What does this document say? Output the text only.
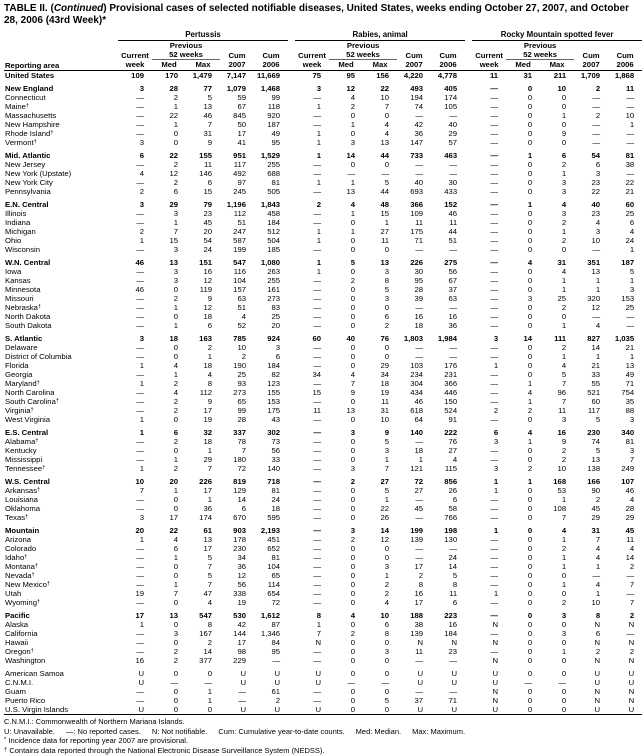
TABLE II. (Continued) Provisional cases of selected notifiable diseases, United States, weeks ending October 27, 2007, and October 28, 2006 (43rd Week)*
Reporting area	Pertussis						Rabies, animal						Rocky Mountain spotted fever				
		Previous						Previous						Previous			
	Current	52 weeks		Cum	Cum		Current	52 weeks		Cum	Cum		Current	52 weeks		Cum	Cum
	week	Med	Max	2007	2006		week	Med	Max	2007	2006		week	Med	Max	2007	2006
United States	109	170	1,479	7,147	11,669		75	95	156	4,220	4,778		11	31	211	1,709	1,868

New England	3	28	77	1,079	1,468		3	12	22	493	405		—	0	10	2	11
Connecticut	—	2	5	59	99		—	4	10	194	174		—	0	0	—	—
Maine†	—	1	13	67	118		1	2	7	74	105		—	0	0	—	—
Massachusetts	—	22	46	845	920		—	0	0	—	—		—	0	1	2	10
New Hampshire	—	1	7	50	187		—	1	4	42	40		—	0	0	—	1
Rhode Island†	—	0	31	17	49		1	0	4	36	29		—	0	9	—	—
Vermont†	3	0	9	41	95		1	3	13	147	57		—	0	0	—	—

Mid. Atlantic	6	22	155	951	1,529		1	14	44	733	463		—	1	6	54	81
New Jersey	—	2	11	117	255		—	0	0	—	—		—	0	2	6	38
New York (Upstate)	4	12	146	492	688		—	—	—	—	—		—	0	1	3	—
New York City	—	2	6	97	81		1	1	5	40	30		—	0	3	23	22
Pennsylvania	2	6	15	245	505		—	13	44	693	433		—	0	3	22	21

E.N. Central	3	29	79	1,196	1,843		2	4	48	366	152		—	1	4	40	60
Illinois	—	3	23	112	458		—	1	15	109	46		—	0	3	23	25
Indiana	—	1	45	51	184		—	0	1	11	11		—	0	2	4	6
Michigan	2	7	20	247	512		1	1	27	175	44		—	0	1	3	4
Ohio	1	15	54	587	504		1	0	11	71	51		—	0	2	10	24
Wisconsin	—	3	24	199	185		—	0	0	—	—		—	0	0	—	1

W.N. Central	46	13	151	547	1,080		1	5	13	226	275		—	4	31	351	187
Iowa	—	3	16	116	263		1	0	3	30	56		—	0	4	13	5
Kansas	—	3	12	104	255		—	2	8	95	67		—	0	1	1	1
Minnesota	46	0	119	157	161		—	0	5	28	37		—	0	1	1	3
Missouri	—	2	9	63	273		—	0	3	39	63		—	3	25	320	153
Nebraska†	—	1	12	51	83		—	0	0	—	—		—	0	2	12	25
North Dakota	—	0	18	4	25		—	0	6	16	16		—	0	0	—	—
South Dakota	—	1	6	52	20		—	0	2	18	36		—	0	1	4	—

S. Atlantic	3	18	163	785	924		60	40	76	1,803	1,984		3	14	111	827	1,035
Delaware	—	0	2	10	3		—	0	0	—	—		—	0	2	14	21
District of Columbia	—	0	1	2	6		—	0	0	—	—		—	0	1	1	1
Florida	1	4	18	190	184		—	0	29	103	176		1	0	4	21	13
Georgia	—	1	4	25	82		34	4	34	234	231		—	0	5	33	49
Maryland†	1	2	8	93	123		—	7	18	304	366		—	1	7	55	71
North Carolina	—	4	112	273	155		15	9	19	434	446		—	4	96	521	754
South Carolina†	—	2	9	65	153		—	0	11	46	150		—	1	7	60	35
Virginia†	—	2	17	99	175		11	13	31	618	524		2	2	11	117	88
West Virginia	1	0	19	28	43		—	0	10	64	91		—	0	3	5	3

E.S. Central	1	6	32	337	302		—	3	9	140	222		6	4	16	230	340
Alabama†	—	2	18	78	73		—	0	5	—	76		3	1	9	74	81
Kentucky	—	0	1	7	56		—	0	3	18	27		—	0	2	5	3
Mississippi	—	1	29	180	33		—	0	1	1	4		—	0	2	13	7
Tennessee†	1	2	7	72	140		—	3	7	121	115		3	2	10	138	249

W.S. Central	10	20	226	819	718		—	2	27	72	856		1	1	168	166	107
Arkansas†	7	1	17	129	81		—	0	5	27	26		1	0	53	90	46
Louisiana	—	0	1	14	24		—	0	1	—	6		—	0	1	2	4
Oklahoma	—	0	36	6	18		—	0	22	45	58		—	0	108	45	28
Texas†	3	17	174	670	595		—	0	26	—	766		—	0	7	29	29

Mountain	20	22	61	903	2,193		—	3	14	199	198		1	0	4	31	45
Arizona	1	4	13	178	451		—	2	12	139	130		—	0	1	7	11
Colorado	—	6	17	230	652		—	0	0	—	—		—	0	2	4	4
Idaho†	—	1	5	34	81		—	0	0	—	24		—	0	1	4	14
Montana†	—	0	7	36	104		—	0	3	17	14		—	0	1	1	2
Nevada†	—	0	5	12	65		—	0	1	2	5		—	0	0	—	—
New Mexico†	—	1	7	56	114		—	0	2	8	8		—	0	1	4	7
Utah	19	7	47	338	654		—	0	2	16	11		1	0	0	1	—
Wyoming†	—	0	4	19	72		—	0	4	17	6		—	0	2	10	7

Pacific	17	13	547	530	1,612		8	4	10	188	223		—	0	3	8	2
Alaska	1	0	8	42	87		1	0	6	38	16		N	0	0	N	N
California	—	3	167	144	1,346		7	2	8	139	184		—	0	3	6	—
Hawaii	—	0	2	17	84		N	0	0	N	N		N	0	0	N	N
Oregon†	—	2	14	98	95		—	0	3	11	23		—	0	1	2	2
Washington	16	2	377	229	—		—	0	0	—	—		N	0	0	N	N

American Samoa	U	0	0	U	U		U	0	0	U	U		U	0	0	U	U
C.N.M.I.	U	—	—	U	U		U	—	—	U	U		U	—	—	U	U
Guam	—	0	1	—	61		—	0	0	—	—		N	0	0	N	N
Puerto Rico	—	0	1	—	2		—	0	5	37	71		N	0	0	N	N
U.S. Virgin Islands	U	0	0	U	U		U	0	0	U	U		U	0	0	U	U
C.N.M.I.: Commonwealth of Northern Mariana Islands.
U: Unavailable. —: No reported cases. N: Not notifiable. Cum: Cumulative year-to-date counts. Med: Median. Max: Maximum.
* Incidence data for reporting year 2007 are provisional.
† Contains data reported through the National Electronic Disease Surveillance System (NEDSS).
